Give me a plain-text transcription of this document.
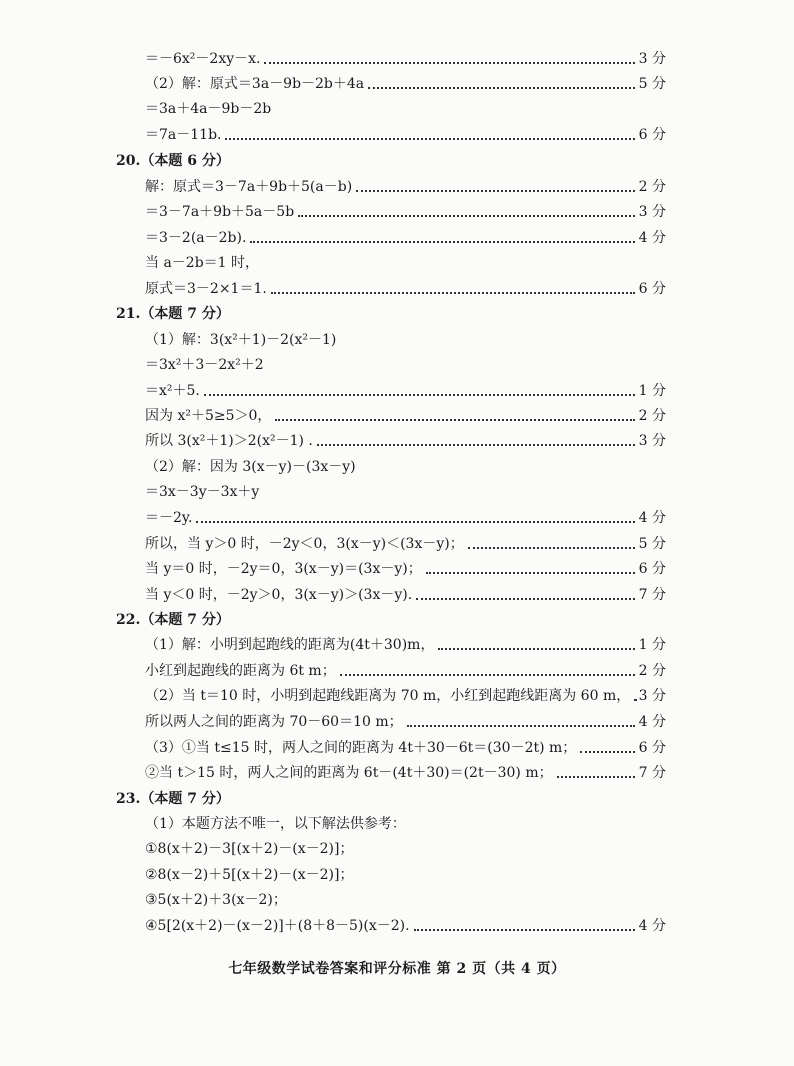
＝－6x²－2xy－x.	3 分
（2）解：原式＝3a－9b－2b＋4a	5 分
＝3a＋4a－9b－2b
＝7a－11b.	6 分
20.（本题 6 分）
解：原式＝3－7a＋9b＋5(a－b)	2 分
＝3－7a＋9b＋5a－5b	3 分
＝3－2(a－2b).	4 分
当 a－2b＝1 时，
原式＝3－2×1＝1.	6 分
21.（本题 7 分）
（1）解：3(x²＋1)－2(x²－1)
＝3x²＋3－2x²＋2
＝x²＋5.	1 分
因为 x²＋5≥5＞0，	2 分
所以 3(x²＋1)＞2(x²－1) .	3 分
（2）解：因为 3(x－y)－(3x－y)
＝3x－3y－3x＋y
＝－2y.	4 分
所以，当 y＞0 时，－2y＜0，3(x－y)＜(3x－y)；	5 分
当 y＝0 时，－2y＝0，3(x－y)＝(3x－y)；	6 分
当 y＜0 时，－2y＞0，3(x－y)＞(3x－y).	7 分
22.（本题 7 分）
（1）解：小明到起跑线的距离为(4t＋30)m，	1 分
小红到起跑线的距离为 6t m；	2 分
（2）当 t＝10 时，小明到起跑线距离为 70 m，小红到起跑线距离为 60 m， 3 分
所以两人之间的距离为 70－60＝10 m；	4 分
（3）①当 t≤15 时，两人之间的距离为 4t＋30－6t＝(30－2t) m；	6 分
②当 t＞15 时，两人之间的距离为 6t－(4t＋30)＝(2t－30) m；	7 分
23.（本题 7 分）
（1）本题方法不唯一，以下解法供参考：
①8(x＋2)－3[(x＋2)－(x－2)]；
②8(x－2)＋5[(x＋2)－(x－2)]；
③5(x＋2)＋3(x－2)；
④5[2(x＋2)－(x－2)]＋(8＋8－5)(x－2).	4 分
七年级数学试卷答案和评分标准 第 2 页（共 4 页）
